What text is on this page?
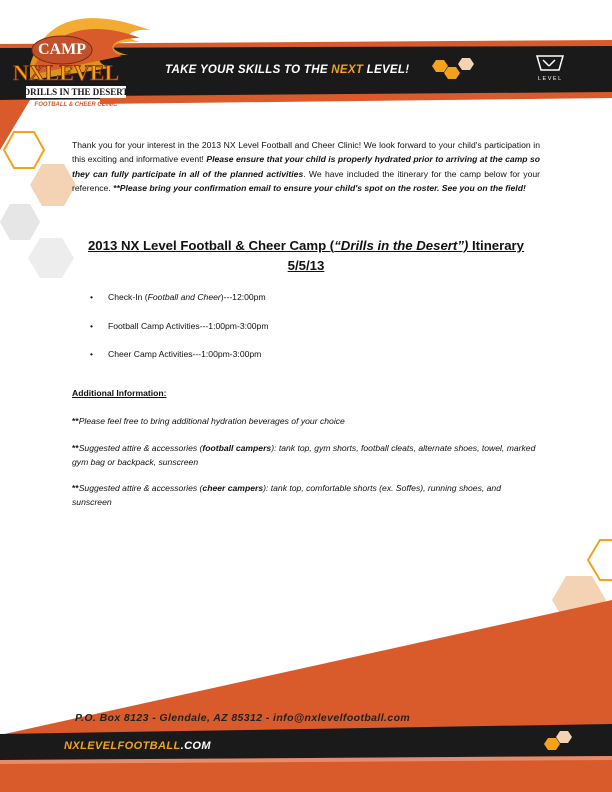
CAMP
NXLEVEL
DRILLS IN THE DESERT
FOOTBALL & CHEER CLINIC
TAKE YOUR SKILLS TO THE NEXT LEVEL!
LEVEL
Thank you for your interest in the 2013 NX Level Football and Cheer Clinic! We look forward to your child's participation in this exciting and informative event! Please ensure that your child is properly hydrated prior to arriving at the camp so they can fully participate in all of the planned activities. We have included the itinerary for the camp below for your reference. **Please bring your confirmation email to ensure your child's spot on the roster. See you on the field!
2013 NX Level Football & Cheer Camp (“Drills in the Desert”) Itinerary
5/5/13
• Check-In (Football and Cheer)---12:00pm
• Football Camp Activities---1:00pm-3:00pm
• Cheer Camp Activities---1:00pm-3:00pm
Additional Information:
**Please feel free to bring additional hydration beverages of your choice
**Suggested attire & accessories (football campers): tank top, gym shorts, football cleats, alternate shoes, towel, marked gym bag or backpack, sunscreen
**Suggested attire & accessories (cheer campers): tank top, comfortable shorts (ex. Soffes), running shoes, and sunscreen
P.O. Box 8123 - Glendale, AZ 85312 - info@nxlevelfootball.com
NXLEVELFOOTBALL.COM
